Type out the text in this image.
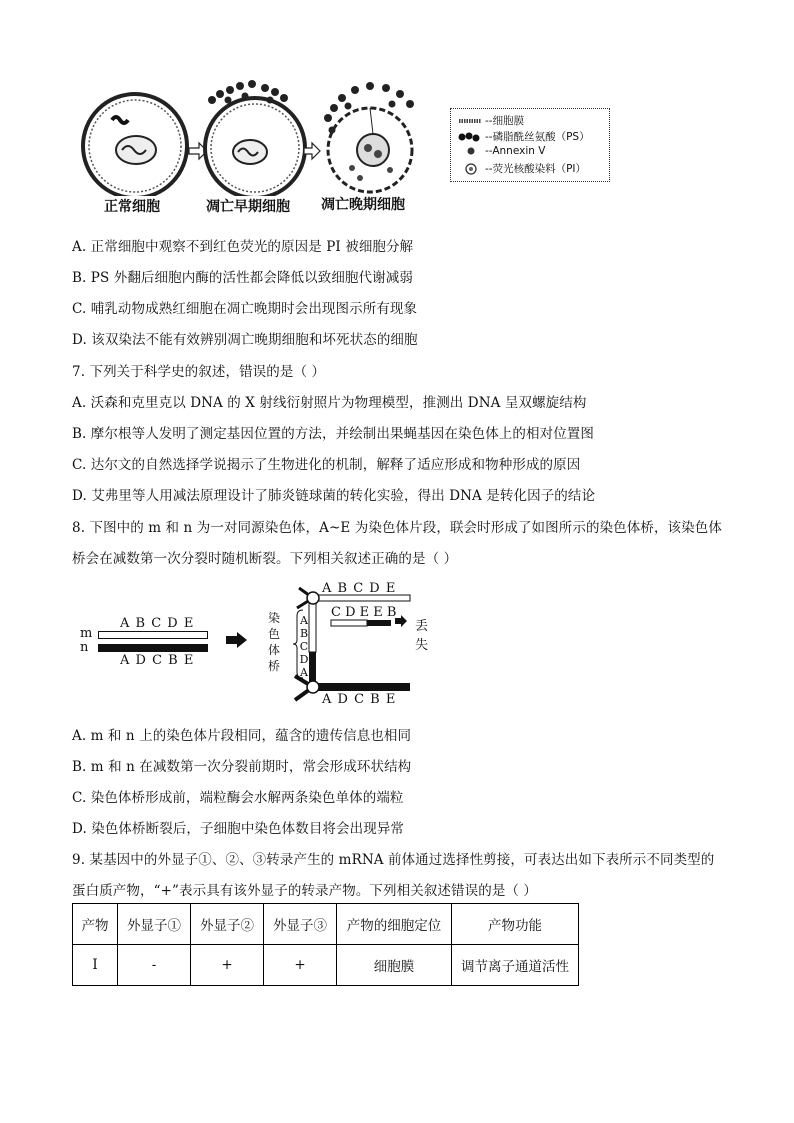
正常细胞	凋亡早期细胞 凋亡晚期细胞
--细胞膜
--磷脂酰丝氨酸（PS）
--Annexin V
--荧光核酸染料（PI）
A. 正常细胞中观察不到红色荧光的原因是 PI 被细胞分解
B. PS 外翻后细胞内酶的活性都会降低以致细胞代谢减弱
C. 哺乳动物成熟红细胞在凋亡晚期时会出现图示所有现象
D. 该双染法不能有效辨别凋亡晚期细胞和坏死状态的细胞
7. 下列关于科学史的叙述，错误的是（ ）
A. 沃森和克里克以 DNA 的 X 射线衍射照片为物理模型，推测出 DNA 呈双螺旋结构
B. 摩尔根等人发明了测定基因位置的方法，并绘制出果蝇基因在染色体上的相对位置图
C. 达尔文的自然选择学说揭示了生物进化的机制，解释了适应形成和物种形成的原因
D. 艾弗里等人用减法原理设计了肺炎链球菌的转化实验，得出 DNA 是转化因子的结论
8. 下图中的 m 和 n 为一对同源染色体，A~E 为染色体片段，联会时形成了如图所示的染色体桥，该染色体
桥会在减数第一次分裂时随机断裂。下列相关叙述正确的是（ ）
m
n
A B C D E
A D C B E
A B C D E
C D E E B
丢失
染
色
体
桥
A
B
C
D
A
A D C B E
A. m 和 n 上的染色体片段相同，蕴含的遗传信息也相同
B. m 和 n 在减数第一次分裂前期时，常会形成环状结构
C. 染色体桥形成前，端粒酶会水解两条染色单体的端粒
D. 染色体桥断裂后，子细胞中染色体数目将会出现异常
9. 某基因中的外显子①、②、③转录产生的 mRNA 前体通过选择性剪接，可表达出如下表所示不同类型的
蛋白质产物，“+”表示具有该外显子的转录产物。下列相关叙述错误的是（ ）
产物	外显子①	外显子②	外显子③	产物的细胞定位	产物功能
Ⅰ	-	+	+	细胞膜	调节离子通道活性
